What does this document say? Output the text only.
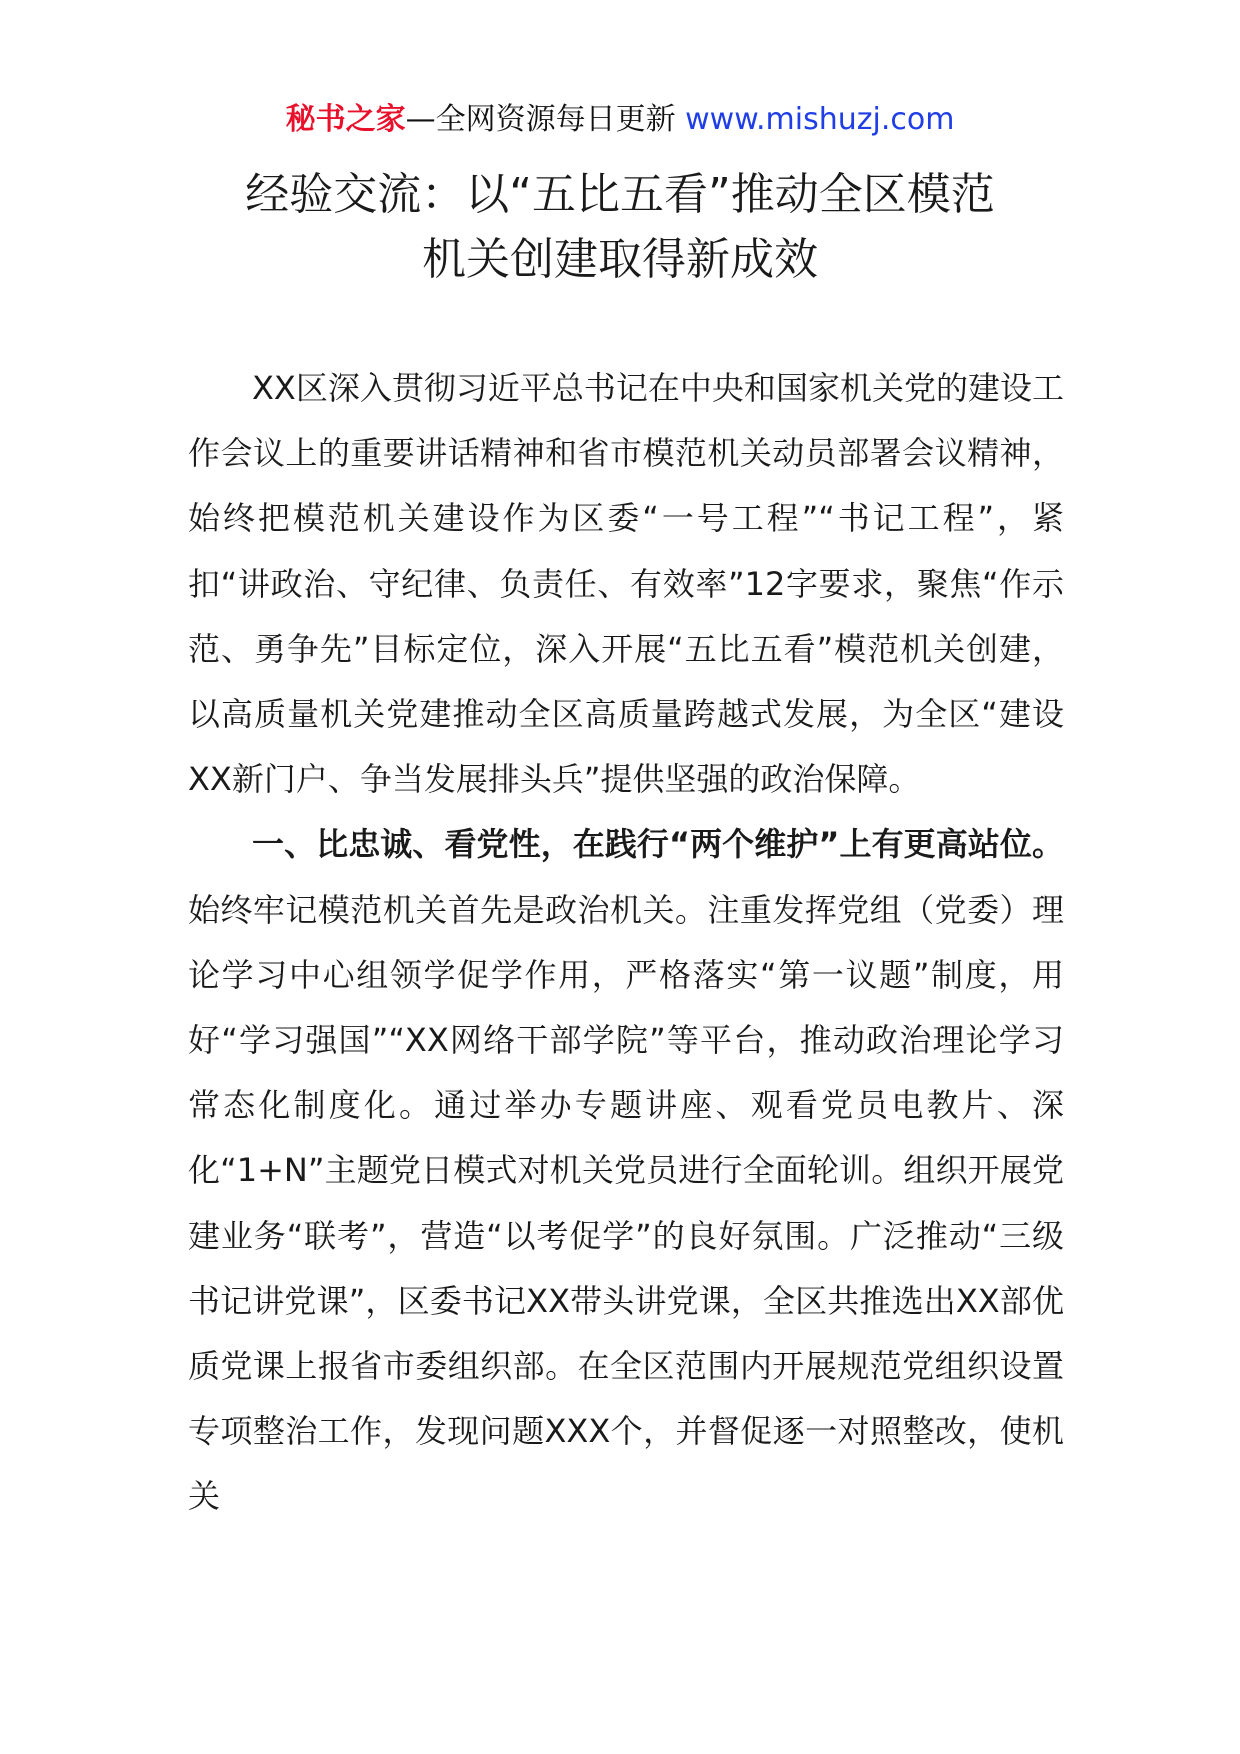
秘书之家—全网资源每日更新 www.mishuzj.com
经验交流：以“五比五看”推动全区模范
机关创建取得新成效

XX区深入贯彻习近平总书记在中央和国家机关党的建设工作会议上的重要讲话精神和省市模范机关动员部署会议精神，始终把模范机关建设作为区委“一号工程”“书记工程”，紧扣“讲政治、守纪律、负责任、有效率”12字要求，聚焦“作示范、勇争先”目标定位，深入开展“五比五看”模范机关创建，以高质量机关党建推动全区高质量跨越式发展，为全区“建设XX新门户、争当发展排头兵”提供坚强的政治保障。

一、比忠诚、看党性，在践行“两个维护”上有更高站位。始终牢记模范机关首先是政治机关。注重发挥党组（党委）理论学习中心组领学促学作用，严格落实“第一议题”制度，用好“学习强国”“XX网络干部学院”等平台，推动政治理论学习常态化制度化。通过举办专题讲座、观看党员电教片、深化“1+N”主题党日模式对机关党员进行全面轮训。组织开展党建业务“联考”，营造“以考促学”的良好氛围。广泛推动“三级书记讲党课”，区委书记XX带头讲党课，全区共推选出XX部优质党课上报省市委组织部。在全区范围内开展规范党组织设置专项整治工作，发现问题XXX个，并督促逐一对照整改，使机关
